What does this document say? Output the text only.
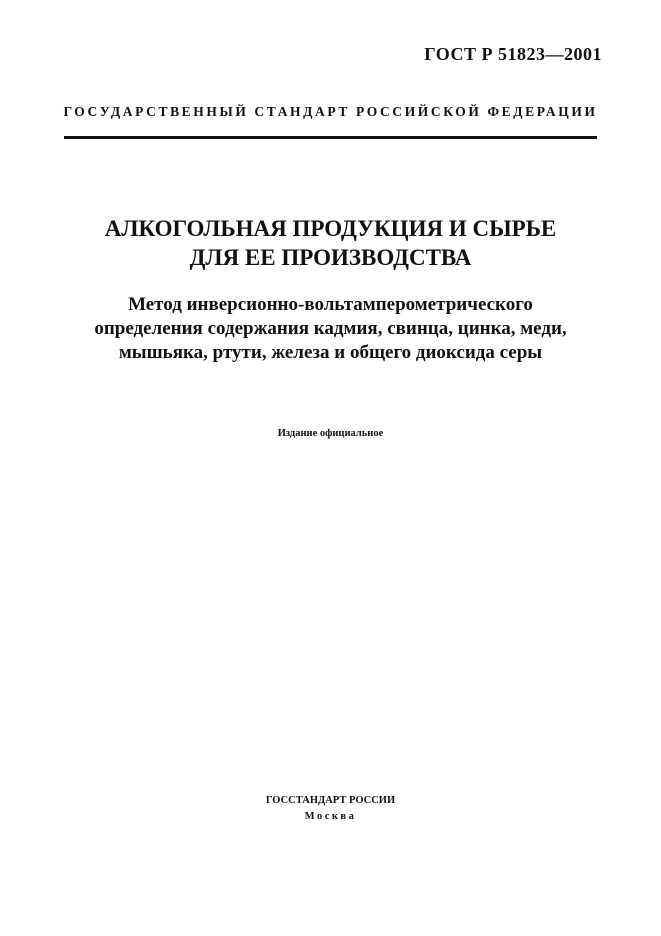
ГОСТ Р 51823—2001
ГОСУДАРСТВЕННЫЙ СТАНДАРТ РОССИЙСКОЙ ФЕДЕРАЦИИ
АЛКОГОЛЬНАЯ ПРОДУКЦИЯ И СЫРЬЕ
ДЛЯ ЕЕ ПРОИЗВОДСТВА
Метод инверсионно-вольтамперометрического
определения содержания кадмия, свинца, цинка, меди,
мышьяка, ртути, железа и общего диоксида серы
Издание официальное
ГОССТАНДАРТ РОССИИ
Москва
